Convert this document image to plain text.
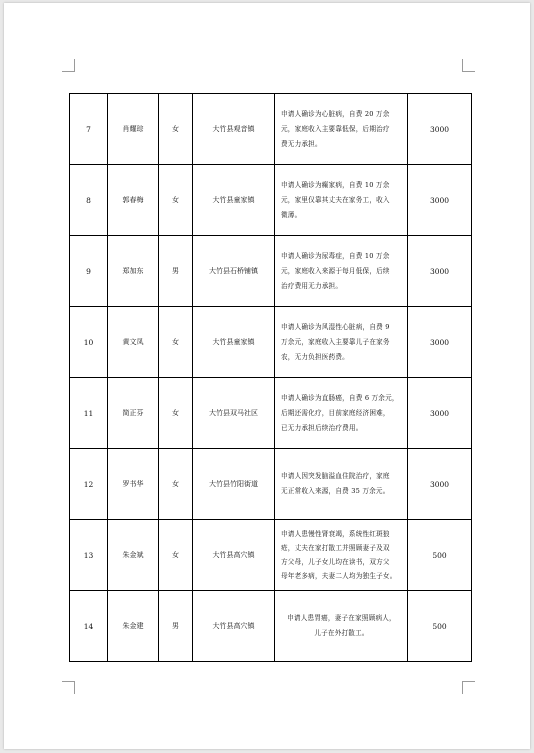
7	肖耀琮	女	大竹县观音镇	申请人确诊为心脏病，自费 20 万余
元，家庭收入主要靠低保，后期治疗
费无力承担。	3000
8	郭春梅	女	大竹县童家镇	申请人确诊为癫家病，自费 10 万余
元，家里仅靠其丈夫在家务工，收入
微薄。	3000
9	郑加东	男	大竹县石桥铺镇	申请人确诊为尿毒症，自费 10 万余
元，家庭收入来源于每月低保，后续
治疗费用无力承担。	3000
10	黄文凤	女	大竹县童家镇	申请人确诊为风湿性心脏病，自费 9
万余元，家庭收入主要靠儿子在家务
农，无力负担医药费。	3000
11	简正芬	女	大竹县双马社区	申请人确诊为直肠癌，自费 6 万余元，
后期还需化疗，目前家庭经济困难，
已无力承担后续治疗费用。	3000
12	罗书华	女	大竹县竹阳街道	申请人因突发脑溢血住院治疗，家庭
无正常收入来源，自费 35 万余元。	3000
13	朱金斌	女	大竹县高穴镇	申请人患慢性肾衰竭，系统性红斑狼
疮，丈夫在家打散工并照顾妻子及双
方父母，儿子女儿均在读书，双方父
母年老多病，夫妻二人均为独生子女。	500
14	朱金建	男	大竹县高穴镇	申请人患胃癌，妻子在家照顾病人，
儿子在外打散工。	500
